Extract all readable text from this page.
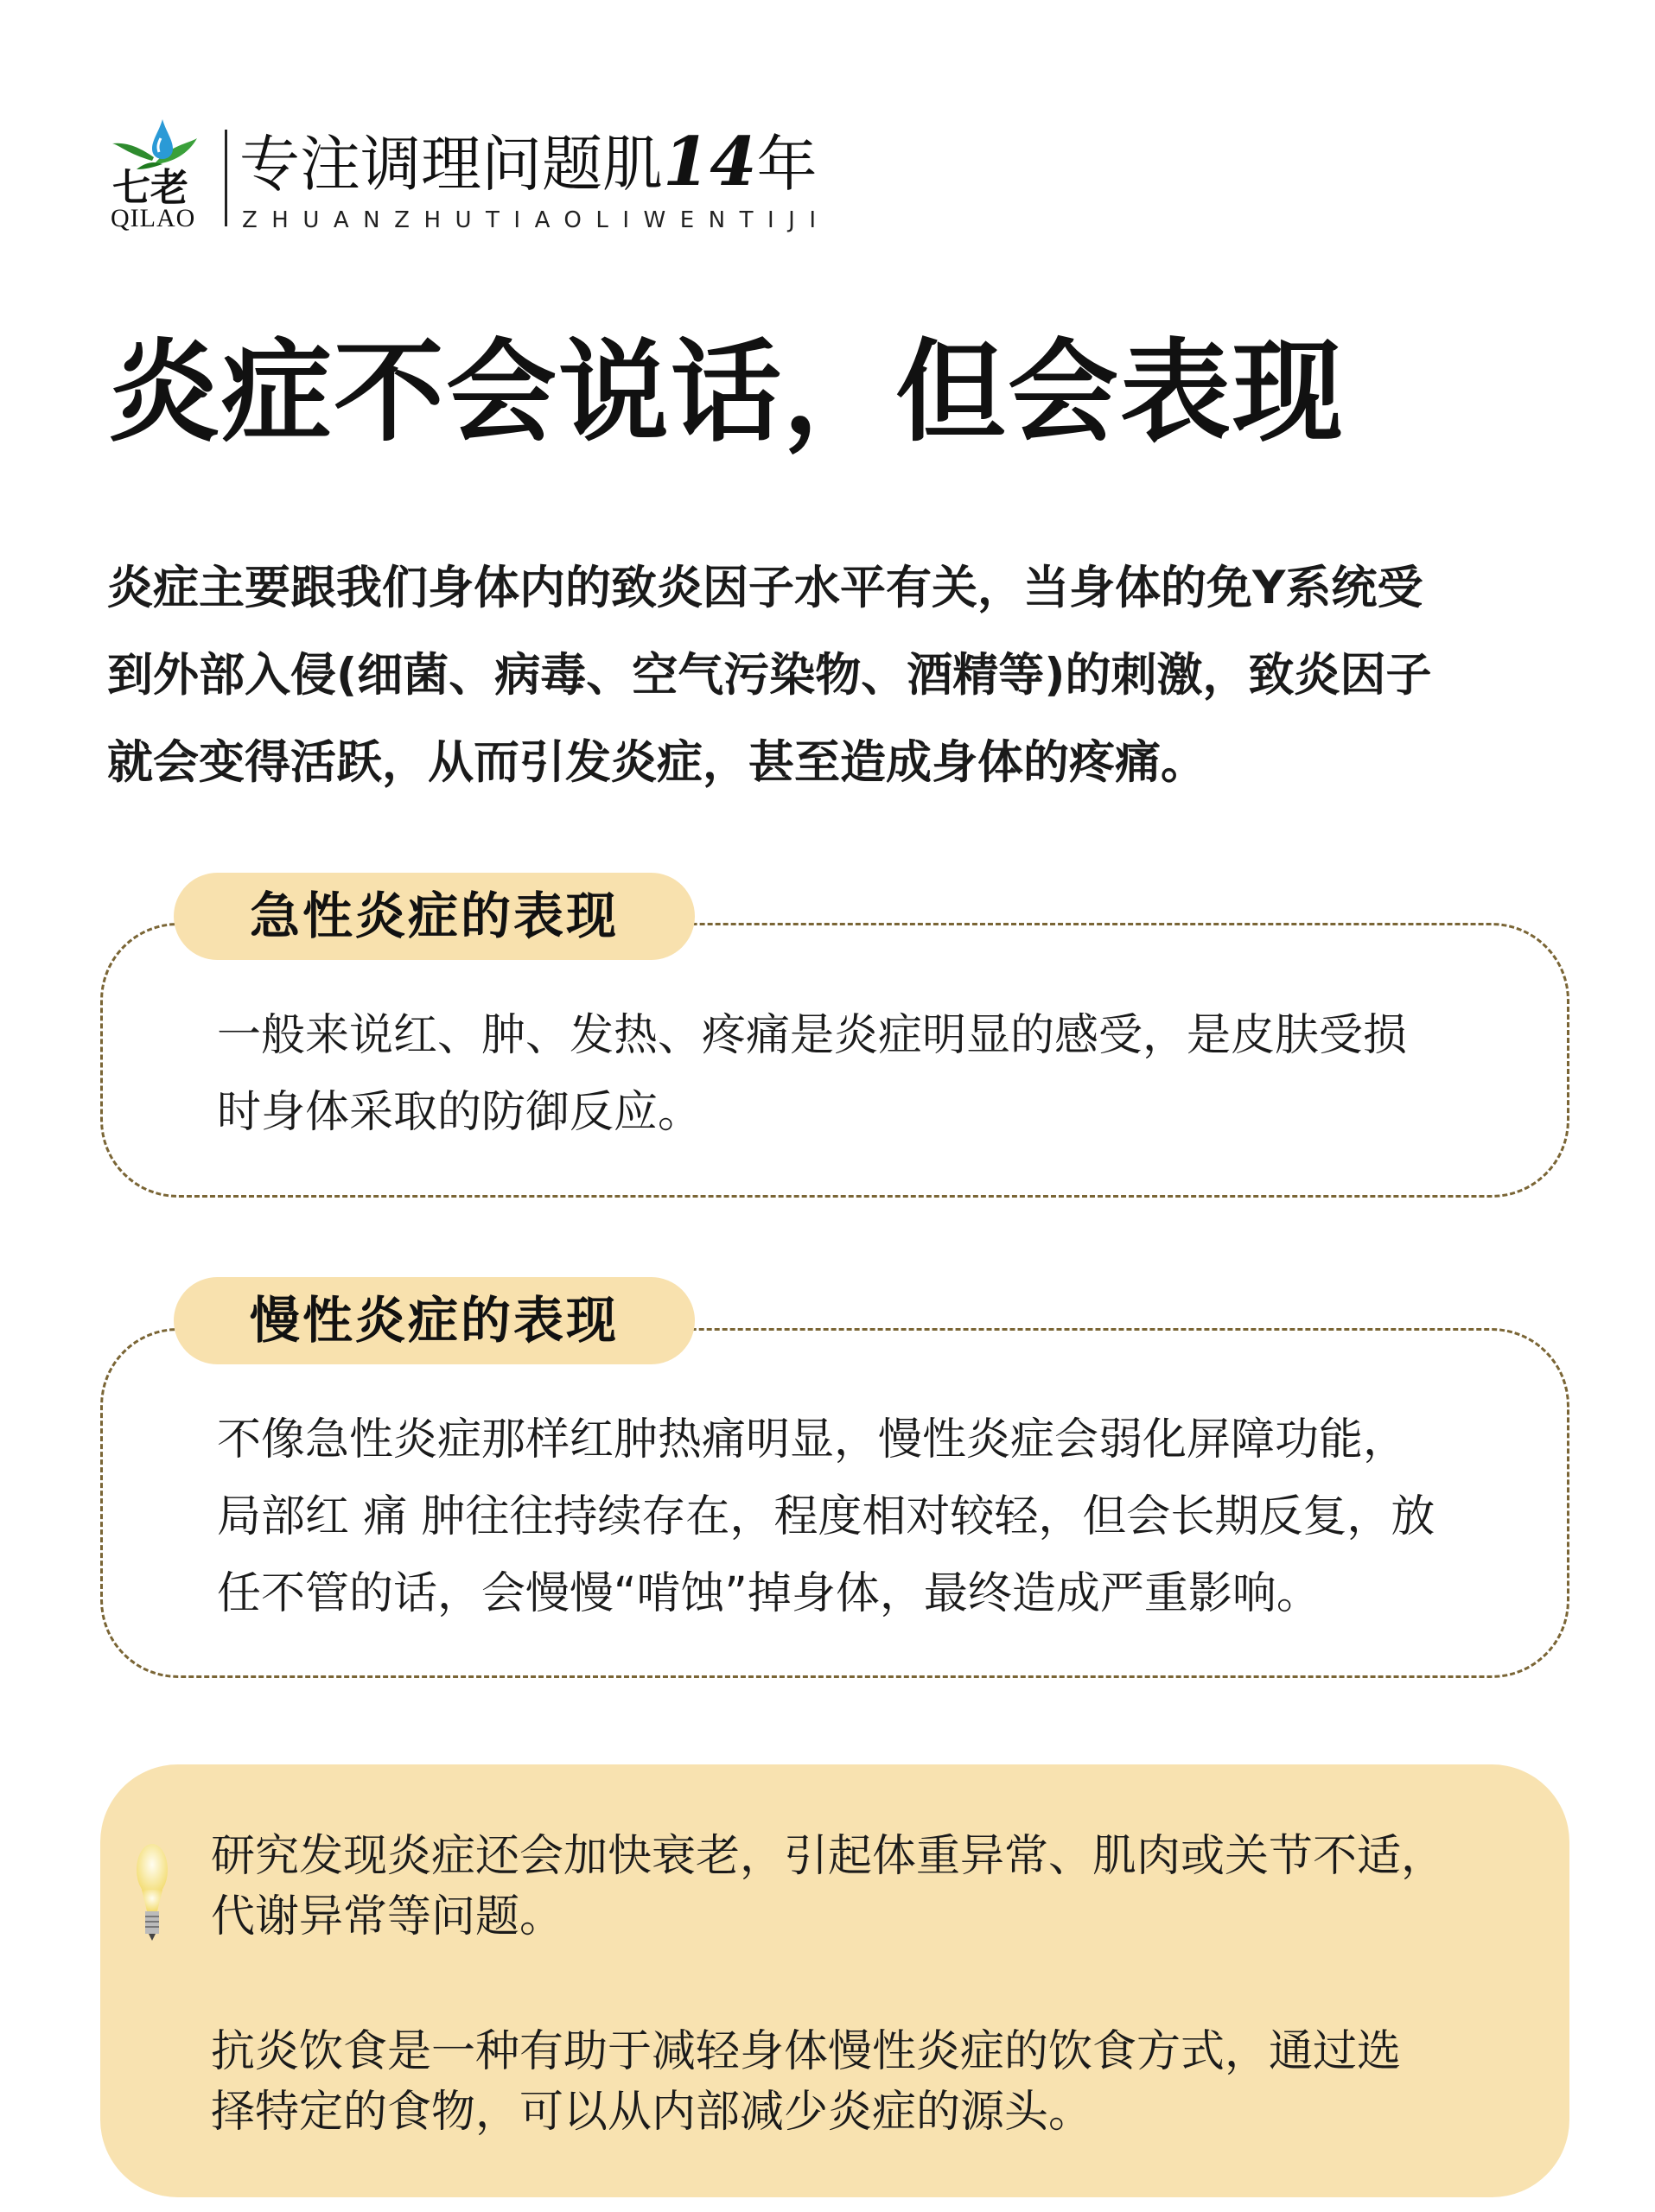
七老
QILAO
专注调理问题肌14年
ZHUANZHUTIAOLIWENTIJI
炎症不会说话，但会表现
炎症主要跟我们身体内的致炎因子水平有关，当身体的免Y系统受
到外部入侵(细菌、病毒、空气污染物、酒精等)的刺激，致炎因子
就会变得活跃，从而引发炎症，甚至造成身体的疼痛。
急性炎症的表现
一般来说红、肿、发热、疼痛是炎症明显的感受，是皮肤受损
时身体采取的防御反应。
慢性炎症的表现
不像急性炎症那样红肿热痛明显，慢性炎症会弱化屏障功能，
局部红 痛 肿往往持续存在，程度相对较轻，但会长期反复，放
任不管的话，会慢慢“啃蚀”掉身体，最终造成严重影响。
研究发现炎症还会加快衰老，引起体重异常、肌肉或关节不适，
代谢异常等问题。
抗炎饮食是一种有助于减轻身体慢性炎症的饮食方式，通过选
择特定的食物，可以从内部减少炎症的源头。
